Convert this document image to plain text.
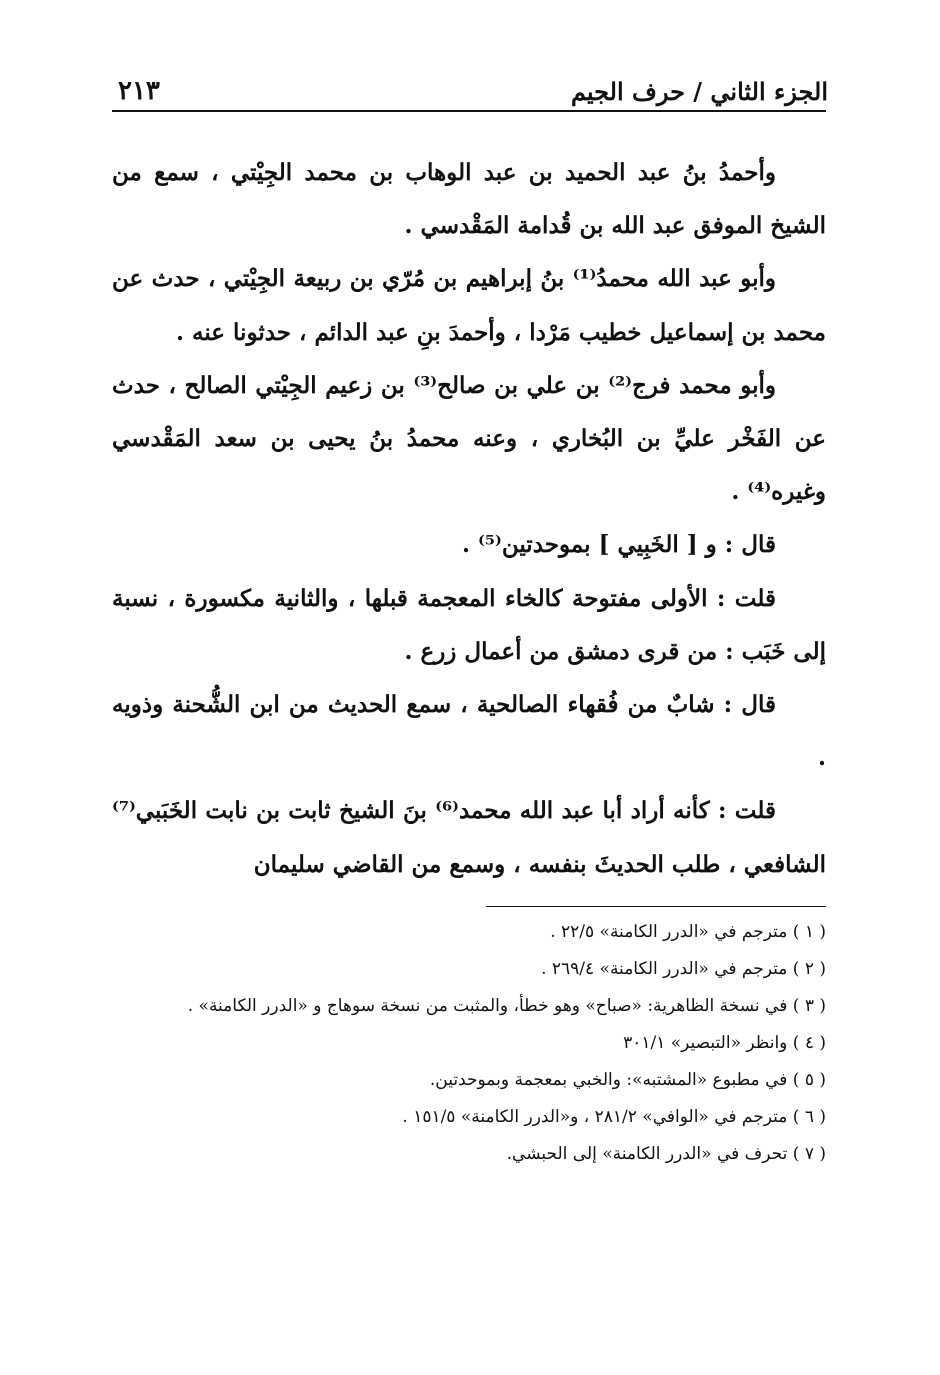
الجزء الثاني / حرف الجيم
٢١٣

وأحمدُ بنُ عبد الحميد بن عبد الوهاب بن محمد الجِيْتي ، سمع من الشيخ الموفق عبد الله بن قُدامة المَقْدسي .

وأبو عبد الله محمدُ⁽¹⁾ بنُ إبراهيم بن مُرّي بن ربيعة الجِيْتي ، حدث عن محمد بن إسماعيل خطيب مَرْدا ، وأحمدَ بنِ عبد الدائم ، حدثونا عنه .

وأبو محمد فرج⁽²⁾ بن علي بن صالح⁽³⁾ بن زعيم الجِيْتي الصالح ، حدث عن الفَخْر عليِّ بن البُخاري ، وعنه محمدُ بنُ يحيى بن سعد المَقْدسي وغيره⁽⁴⁾ .

قال : و [ الخَبِيي ] بموحدتين⁽⁵⁾ .

قلت : الأولى مفتوحة كالخاء المعجمة قبلها ، والثانية مكسورة ، نسبة إلى خَبَب : من قرى دمشق من أعمال زرع .

قال : شابٌ من فُقهاء الصالحية ، سمع الحديث من ابن الشُّحنة وذويه .

قلت : كأنه أراد أبا عبد الله محمد⁽⁶⁾ بنَ الشيخ ثابت بن نابت الخَبَبي⁽⁷⁾ الشافعي ، طلب الحديثَ بنفسه ، وسمع من القاضي سليمان

( ١ ) مترجم في «الدرر الكامنة» ٢٢/٥ .

( ٢ ) مترجم في «الدرر الكامنة» ٢٦٩/٤ .

( ٣ ) في نسخة الظاهرية: «صباح» وهو خطأ، والمثبت من نسخة سوهاج و «الدرر الكامنة» .

( ٤ ) وانظر «التبصير» ٣٠١/١

( ٥ ) في مطبوع «المشتبه»: والخبي بمعجمة وبموحدتين.

( ٦ ) مترجم في «الوافي» ٢٨١/٢ ، و«الدرر الكامنة» ١٥١/٥ .

( ٧ ) تحرف في «الدرر الكامنة» إلى الحبشي.
